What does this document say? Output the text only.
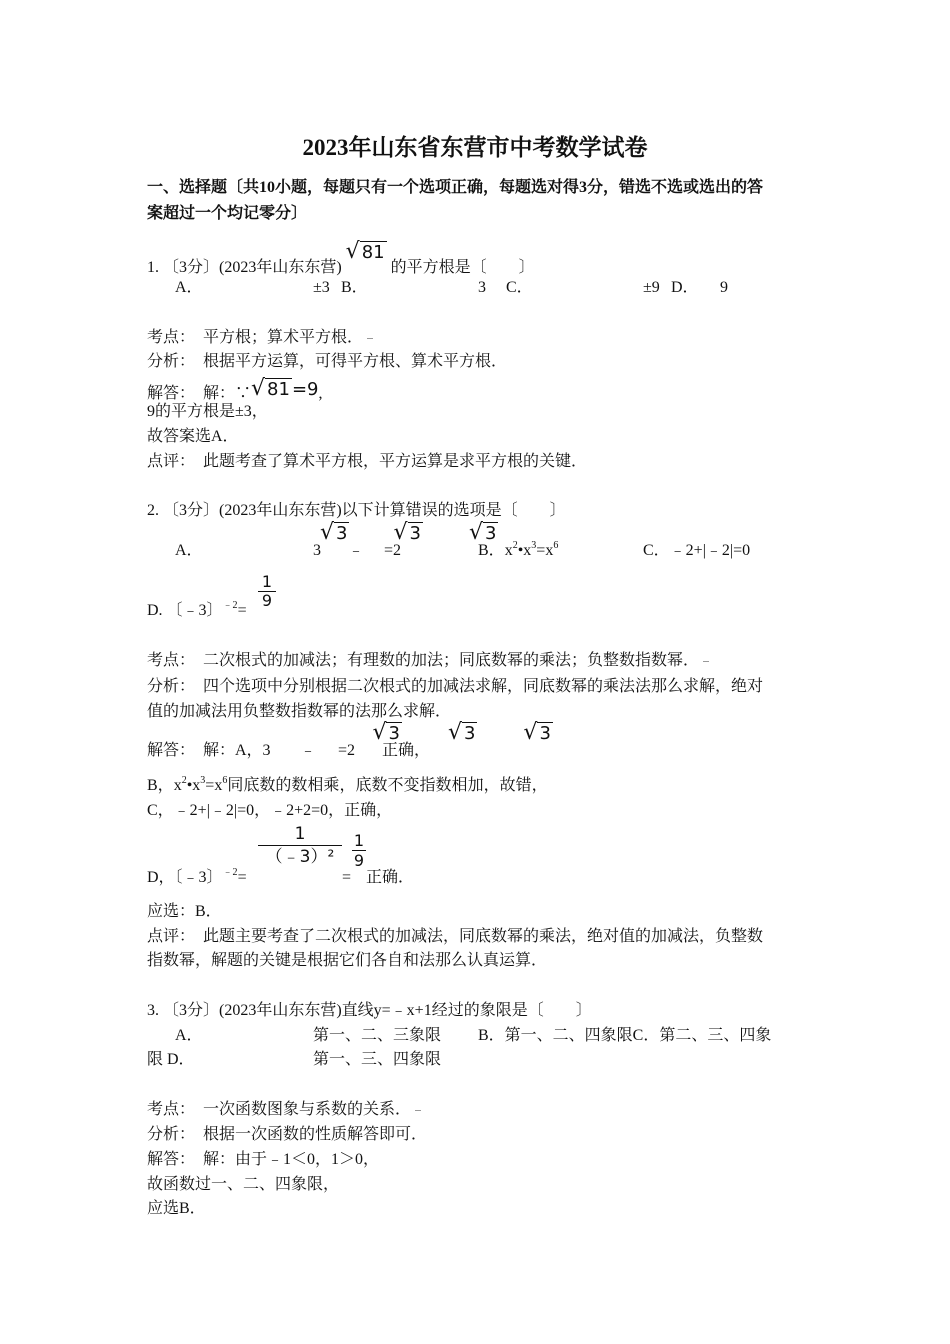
2023年山东省东营市中考数学试卷
一、选择题〔共10小题，每题只有一个选项正确，每题选对得3分，错选不选或选出的答
案超过一个均记零分〕
1. 〔3分〕(2023年山东东营) √ 81 的平方根是〔　　〕
A．	±3 B．	3 C．	±9 D． 9
考点：　平方根；算术平方根．
分析：　根据平方运算，可得平方根、算术平方根．
解答：　解：∵√ 81 =9,
9的平方根是±3，
故答案选A．
点评：　此题考查了算术平方根，平方运算是求平方根的关键．
2. 〔3分〕(2023年山东东营)以下计算错误的选项是〔　　〕
A．	3
√ 3
﹣
√ 3
=2
√ 3
B．$x^2•x^3=x^6$	C．﹣2+|﹣2|=0
D. 〔﹣3〕$^{﹣2}$=
$\frac{1}{9}$
考点：　二次根式的加减法；有理数的加法；同底数幂的乘法；负整数指数幂．
分析：　四个选项中分别根据二次根式的加减法求解，同底数幂的乘法法那么求解，绝对
值的加减法用负整数指数幂的法那么求解．
解答：　解：A，3
√ 3
﹣
√ 3
=2
√ 3
正确，
B，$x^2•x^3=x^6$同底数的数相乘，底数不变指数相加，故错，
C，﹣2+|﹣2|=0，﹣2+2=0，正确，
D，〔﹣3〕$^{﹣2}$=
$\frac{1}{\text{（﹣3）²}}$
=
$\frac{1}{9}$
正确．
应选：B．
点评：　此题主要考查了二次根式的加减法，同底数幂的乘法，绝对值的加减法，负整数
指数幂，解题的关键是根据它们各自和法那么认真运算．
3. 〔3分〕(2023年山东东营)直线y=﹣x+1经过的象限是〔　　〕
A．	第一、二、三象限 B．第一、二、四象限C．第二、三、四象
限 D．	第一、三、四象限
考点：　一次函数图象与系数的关系．
分析：　根据一次函数的性质解答即可．
解答：　解：由于﹣1＜0，1＞0，
故函数过一、二、四象限，
应选B．
